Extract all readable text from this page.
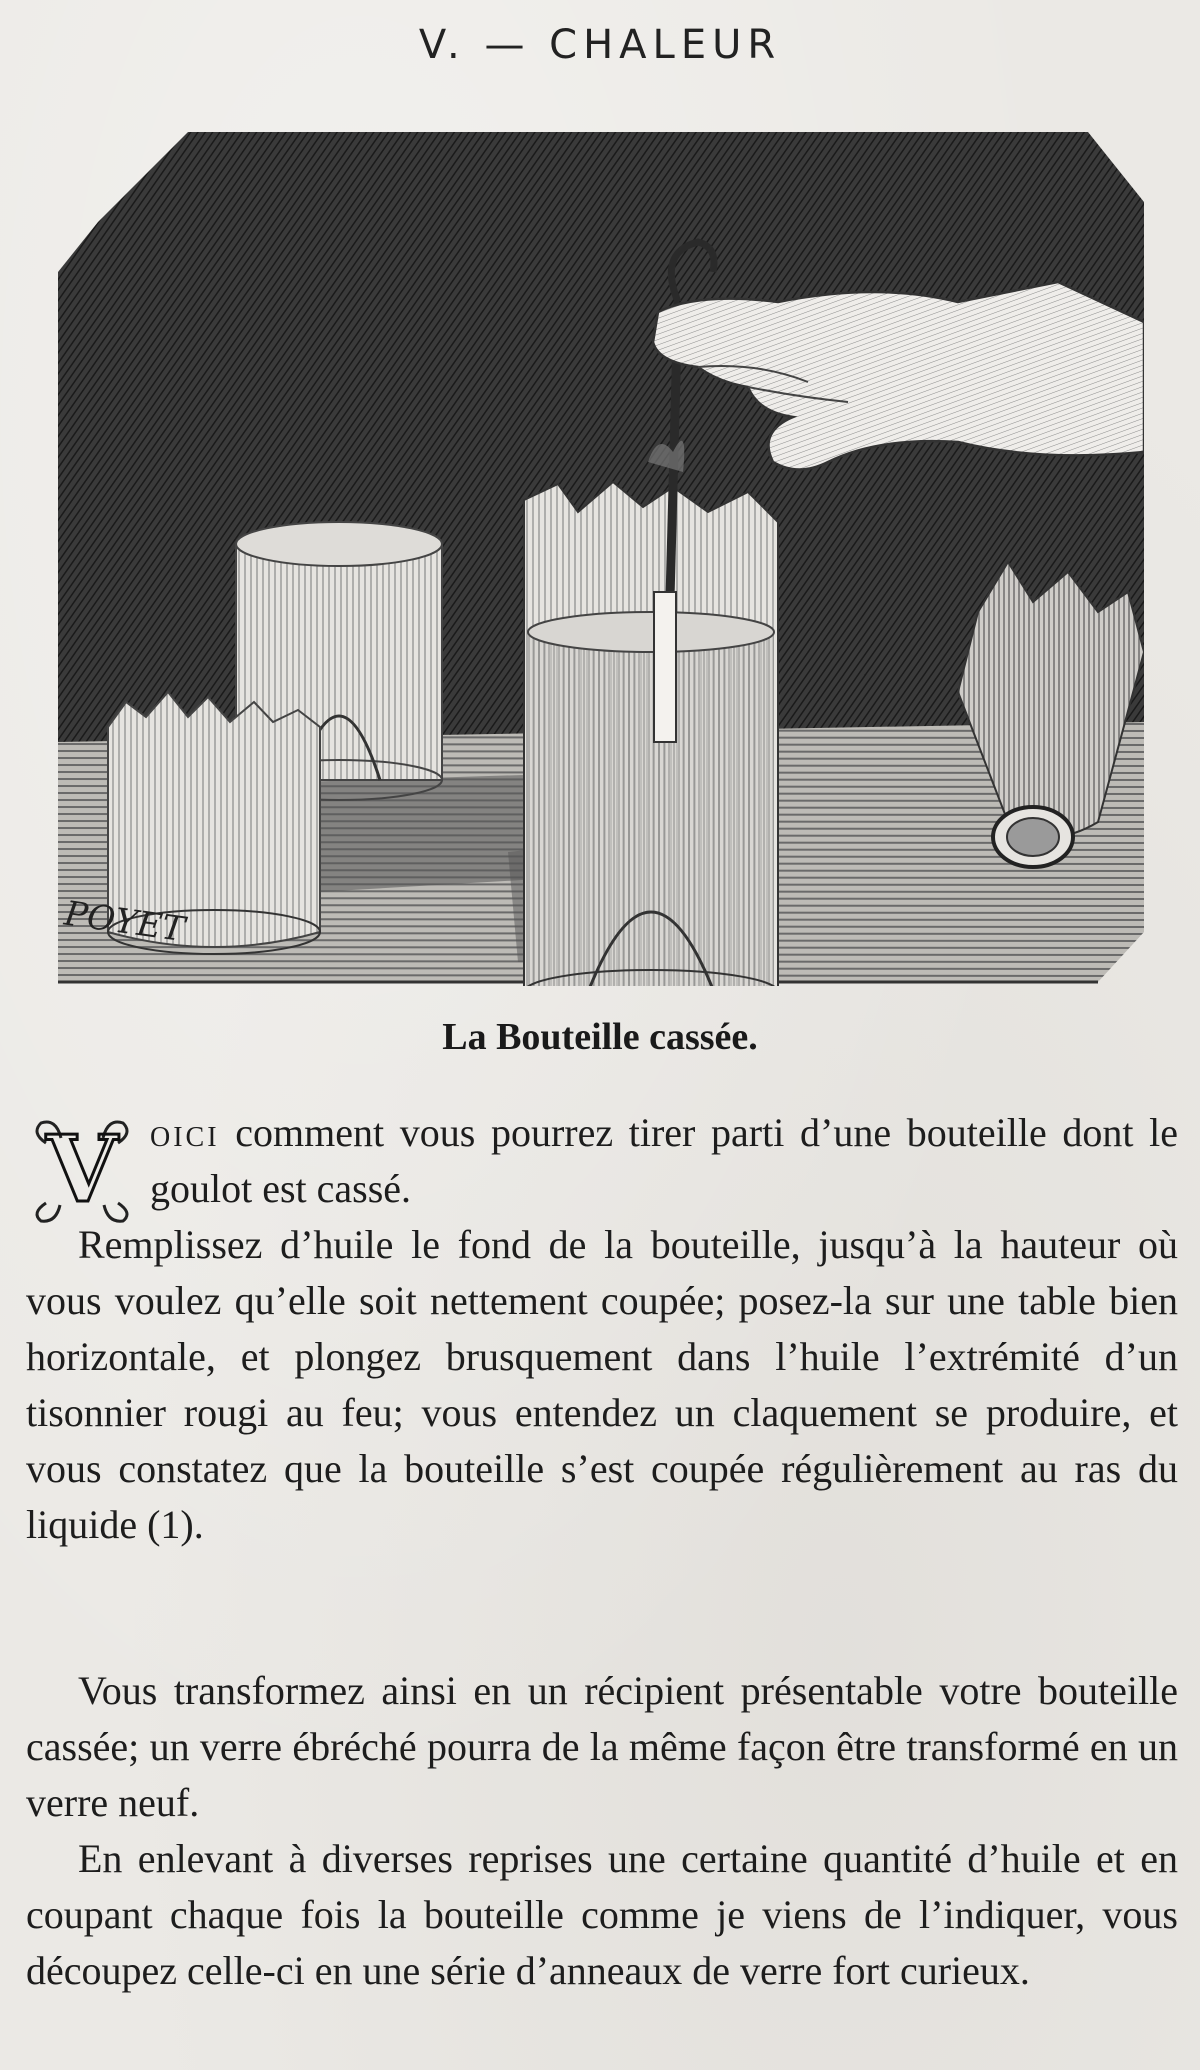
V. — CHALEUR
POYET
La Bouteille cassée.
V oici comment vous pourrez tirer parti d’une bouteille dont le goulot est cassé.
Remplissez d’huile le fond de la bouteille, jusqu’à la hauteur où vous voulez qu’elle soit nettement coupée; posez-la sur une table bien horizontale, et plongez brusquement dans l’huile l’extrémité d’un tisonnier rougi au feu; vous entendez un claquement se produire, et vous constatez que la bouteille s’est coupée régulièrement au ras du liquide (1).
Vous transformez ainsi en un récipient présentable votre bouteille cassée; un verre ébréché pourra de la même façon être transformé en un verre neuf.
En enlevant à diverses reprises une certaine quantité d’huile et en coupant chaque fois la bouteille comme je viens de l’indiquer, vous découpez celle-ci en une série d’anneaux de verre fort curieux.
